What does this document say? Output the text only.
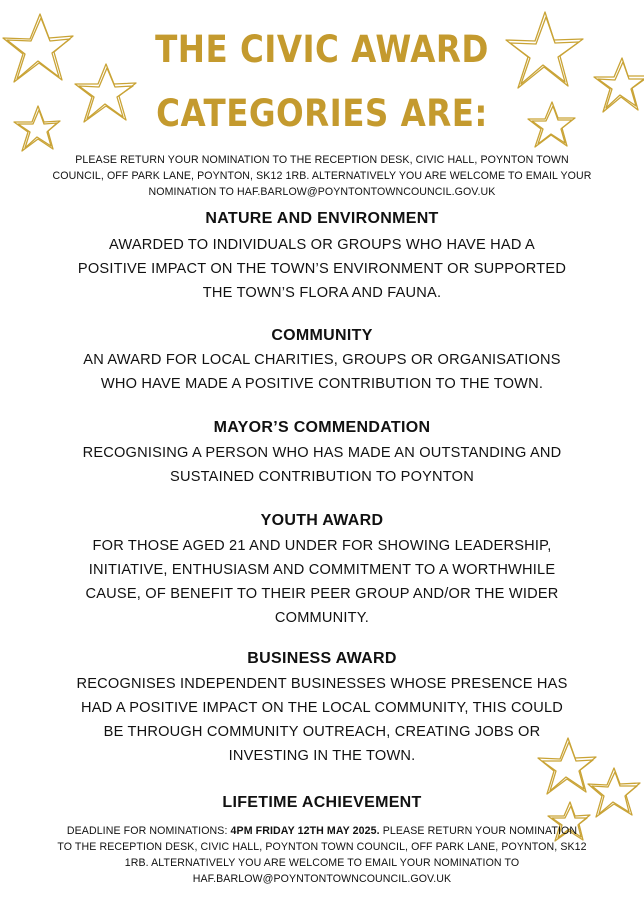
THE CIVIC AWARD
CATEGORIES ARE:
PLEASE RETURN YOUR NOMINATION TO THE RECEPTION DESK, CIVIC HALL, POYNTON TOWN
COUNCIL, OFF PARK LANE, POYNTON, SK12 1RB. ALTERNATIVELY YOU ARE WELCOME TO EMAIL YOUR
NOMINATION TO HAF.BARLOW@POYNTONTOWNCOUNCIL.GOV.UK
NATURE AND ENVIRONMENT
AWARDED TO INDIVIDUALS OR GROUPS WHO HAVE HAD A
POSITIVE IMPACT ON THE TOWN’S ENVIRONMENT OR SUPPORTED
THE TOWN’S FLORA AND FAUNA.
COMMUNITY
AN AWARD FOR LOCAL CHARITIES, GROUPS OR ORGANISATIONS
WHO HAVE MADE A POSITIVE CONTRIBUTION TO THE TOWN.
MAYOR’S COMMENDATION
RECOGNISING A PERSON WHO HAS MADE AN OUTSTANDING AND
SUSTAINED CONTRIBUTION TO POYNTON
YOUTH AWARD
FOR THOSE AGED 21 AND UNDER FOR SHOWING LEADERSHIP,
INITIATIVE, ENTHUSIASM AND COMMITMENT TO A WORTHWHILE
CAUSE, OF BENEFIT TO THEIR PEER GROUP AND/OR THE WIDER
COMMUNITY.
BUSINESS AWARD
RECOGNISES INDEPENDENT BUSINESSES WHOSE PRESENCE HAS
HAD A POSITIVE IMPACT ON THE LOCAL COMMUNITY, THIS COULD
BE THROUGH COMMUNITY OUTREACH, CREATING JOBS OR
INVESTING IN THE TOWN.
LIFETIME ACHIEVEMENT
DEADLINE FOR NOMINATIONS: 4PM FRIDAY 12TH MAY 2025. PLEASE RETURN YOUR NOMINATION
TO THE RECEPTION DESK, CIVIC HALL, POYNTON TOWN COUNCIL, OFF PARK LANE, POYNTON, SK12
1RB. ALTERNATIVELY YOU ARE WELCOME TO EMAIL YOUR NOMINATION TO
HAF.BARLOW@POYNTONTOWNCOUNCIL.GOV.UK
